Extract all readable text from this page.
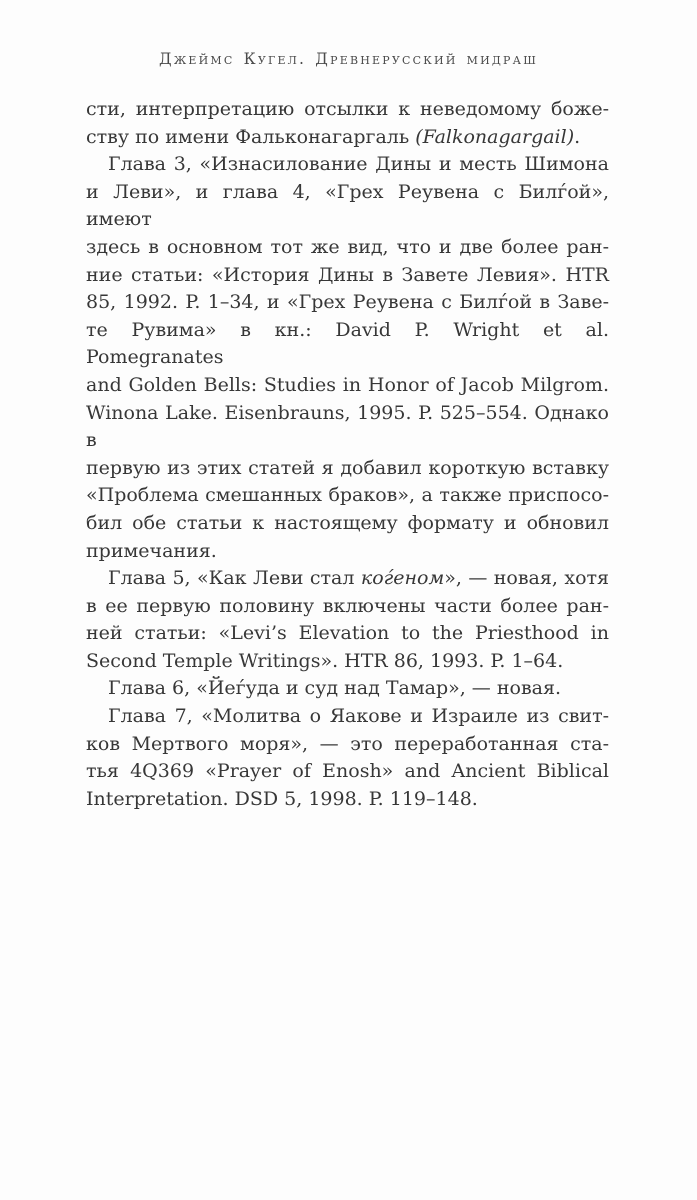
Джеймс Кугел. Древнерусский мидраш
сти, интерпретацию отсылки к неведомому боже-
ству по имени Фальконагаргаль (Falkonagargail).
Глава 3, «Изнасилование Дины и месть Шимона
и Леви», и глава 4, «Грех Реувена с Билѓой», имеют
здесь в основном тот же вид, что и две более ран-
ние статьи: «История Дины в Завете Левия». HTR
85, 1992. P. 1–34, и «Грех Реувена с Билѓой в Заве-
те Рувима» в кн.: David P. Wright et al. Pomegranates
and Golden Bells: Studies in Honor of Jacob Milgrom.
Winona Lake. Eisenbrauns, 1995. P. 525–554. Однако в
первую из этих статей я добавил короткую вставку
«Проблема смешанных браков», а также приспосо-
бил обе статьи к настоящему формату и обновил
примечания.
Глава 5, «Как Леви стал коѓеном», — новая, хотя
в ее первую половину включены части более ран-
ней статьи: «Levi’s Elevation to the Priesthood in
Second Temple Writings». HTR 86, 1993. P. 1–64.
Глава 6, «Йеѓуда и суд над Тамар», — новая.
Глава 7, «Молитва о Яакове и Израиле из свит-
ков Мертвого моря», — это переработанная ста-
тья 4Q369 «Prayer of Enosh» and Ancient Biblical
Interpretation. DSD 5, 1998. P. 119–148.
